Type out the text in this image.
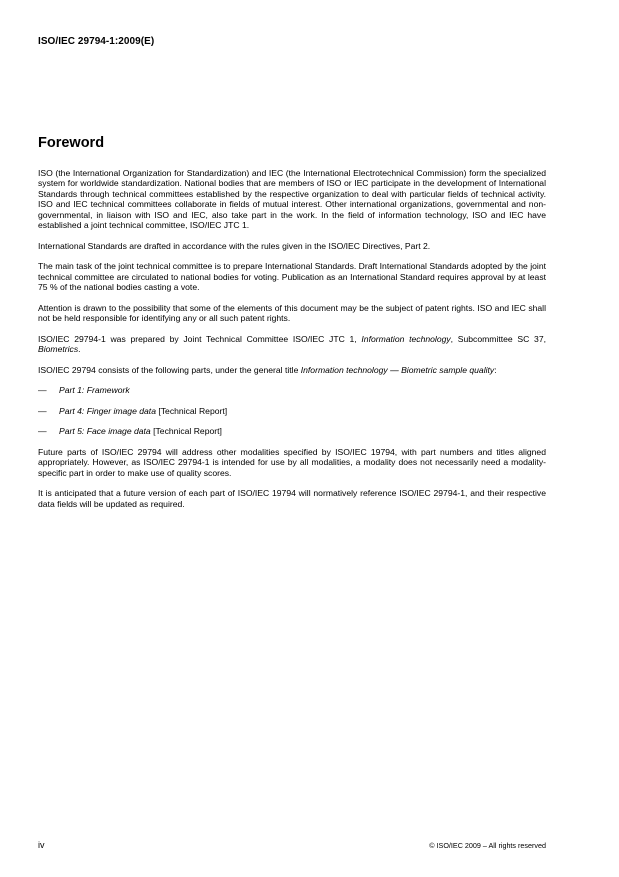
ISO/IEC 29794-1:2009(E)
Foreword

ISO (the International Organization for Standardization) and IEC (the International Electrotechnical Commission) form the specialized system for worldwide standardization. National bodies that are members of ISO or IEC participate in the development of International Standards through technical committees established by the respective organization to deal with particular fields of technical activity. ISO and IEC technical committees collaborate in fields of mutual interest. Other international organizations, governmental and non-governmental, in liaison with ISO and IEC, also take part in the work. In the field of information technology, ISO and IEC have established a joint technical committee, ISO/IEC JTC 1.

International Standards are drafted in accordance with the rules given in the ISO/IEC Directives, Part 2.

The main task of the joint technical committee is to prepare International Standards. Draft International Standards adopted by the joint technical committee are circulated to national bodies for voting. Publication as an International Standard requires approval by at least 75 % of the national bodies casting a vote.

Attention is drawn to the possibility that some of the elements of this document may be the subject of patent rights. ISO and IEC shall not be held responsible for identifying any or all such patent rights.

ISO/IEC 29794-1 was prepared by Joint Technical Committee ISO/IEC JTC 1, Information technology, Subcommittee SC 37, Biometrics.

ISO/IEC 29794 consists of the following parts, under the general title Information technology — Biometric sample quality:

—	Part 1: Framework
—	Part 4: Finger image data [Technical Report]
—	Part 5: Face image data [Technical Report]

Future parts of ISO/IEC 29794 will address other modalities specified by ISO/IEC 19794, with part numbers and titles aligned appropriately. However, as ISO/IEC 29794-1 is intended for use by all modalities, a modality does not necessarily need a modality-specific part in order to make use of quality scores.

It is anticipated that a future version of each part of ISO/IEC 19794 will normatively reference ISO/IEC 29794-1, and their respective data fields will be updated as required.

iv	© ISO/IEC 2009 – All rights reserved
